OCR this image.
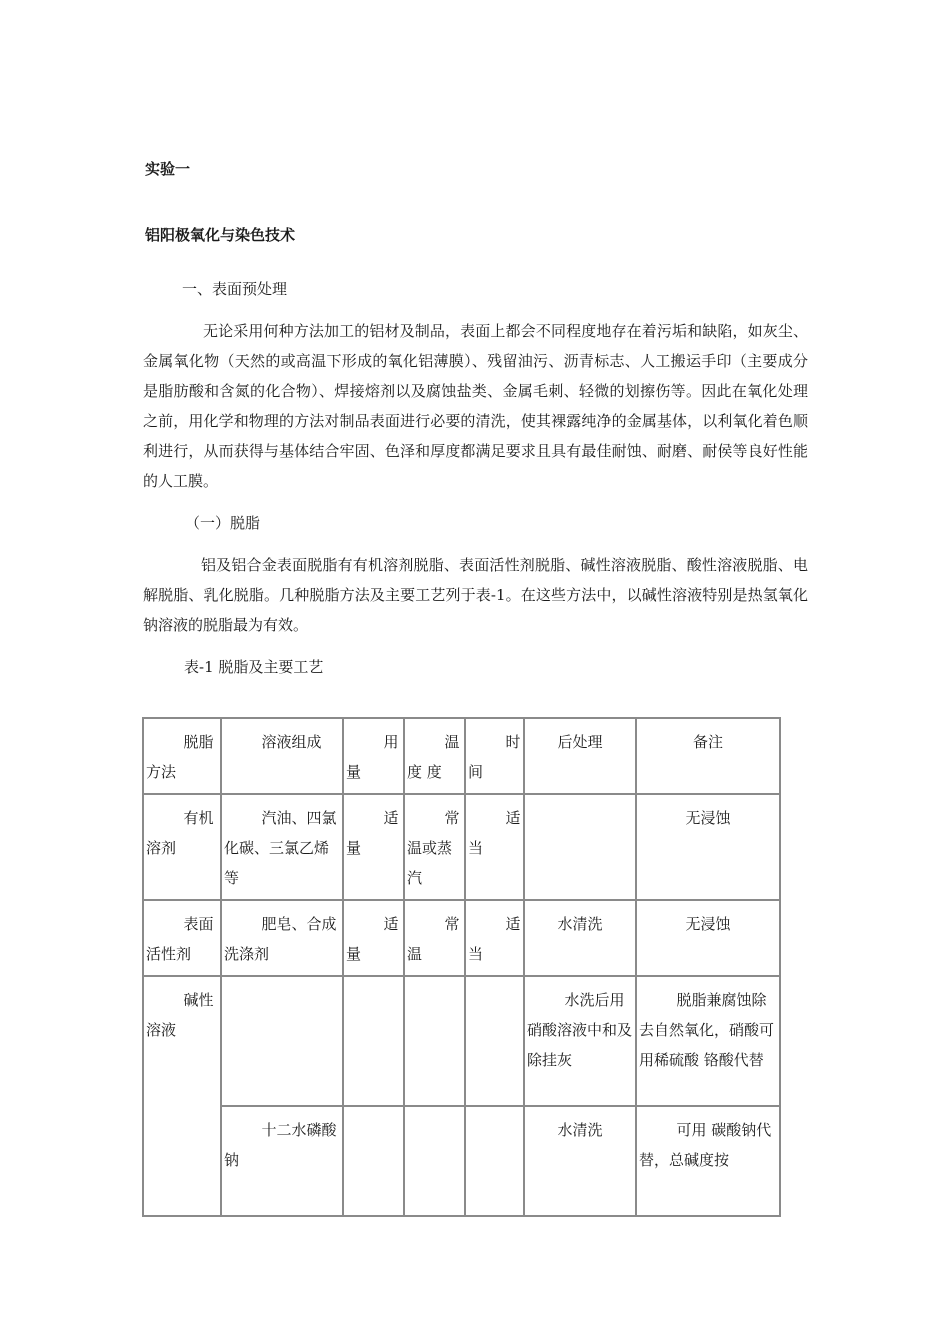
实验一
铝阳极氧化与染色技术
一、表面预处理

无论采用何种方法加工的铝材及制品，表面上都会不同程度地存在着污垢和缺陷，如灰尘、金属氧化物（天然的或高温下形成的氧化铝薄膜）、残留油污、沥青标志、人工搬运手印（主要成分是脂肪酸和含氮的化合物）、焊接熔剂以及腐蚀盐类、金属毛刺、轻微的划擦伤等。因此在氧化处理之前，用化学和物理的方法对制品表面进行必要的清洗，使其裸露纯净的金属基体，以利氧化着色顺利进行，从而获得与基体结合牢固、色泽和厚度都满足要求且具有最佳耐蚀、耐磨、耐侯等良好性能的人工膜。

（一）脱脂

铝及铝合金表面脱脂有有机溶剂脱脂、表面活性剂脱脂、碱性溶液脱脂、酸性溶液脱脂、电解脱脂、乳化脱脂。几种脱脂方法及主要工艺列于表-1。在这些方法中，以碱性溶液特别是热氢氧化钠溶液的脱脂最为有效。

表-1 脱脂及主要工艺
脱脂方法	溶液组成	用量	温度 度	时间	后处理	备注
有机溶剂	汽油、四氯化碳、三氯乙烯等	适量	常温或蒸汽	适当		无浸蚀
表面活性剂	肥皂、合成洗涤剂	适量	常温	适当	水清洗	无浸蚀
碱性溶液					水洗后用 硝酸溶液中和及除挂灰	脱脂兼腐蚀除去自然氧化，硝酸可用稀硫酸 铬酸代替
	十二水磷酸钠				水清洗	可用 碳酸钠代替，总碱度按
